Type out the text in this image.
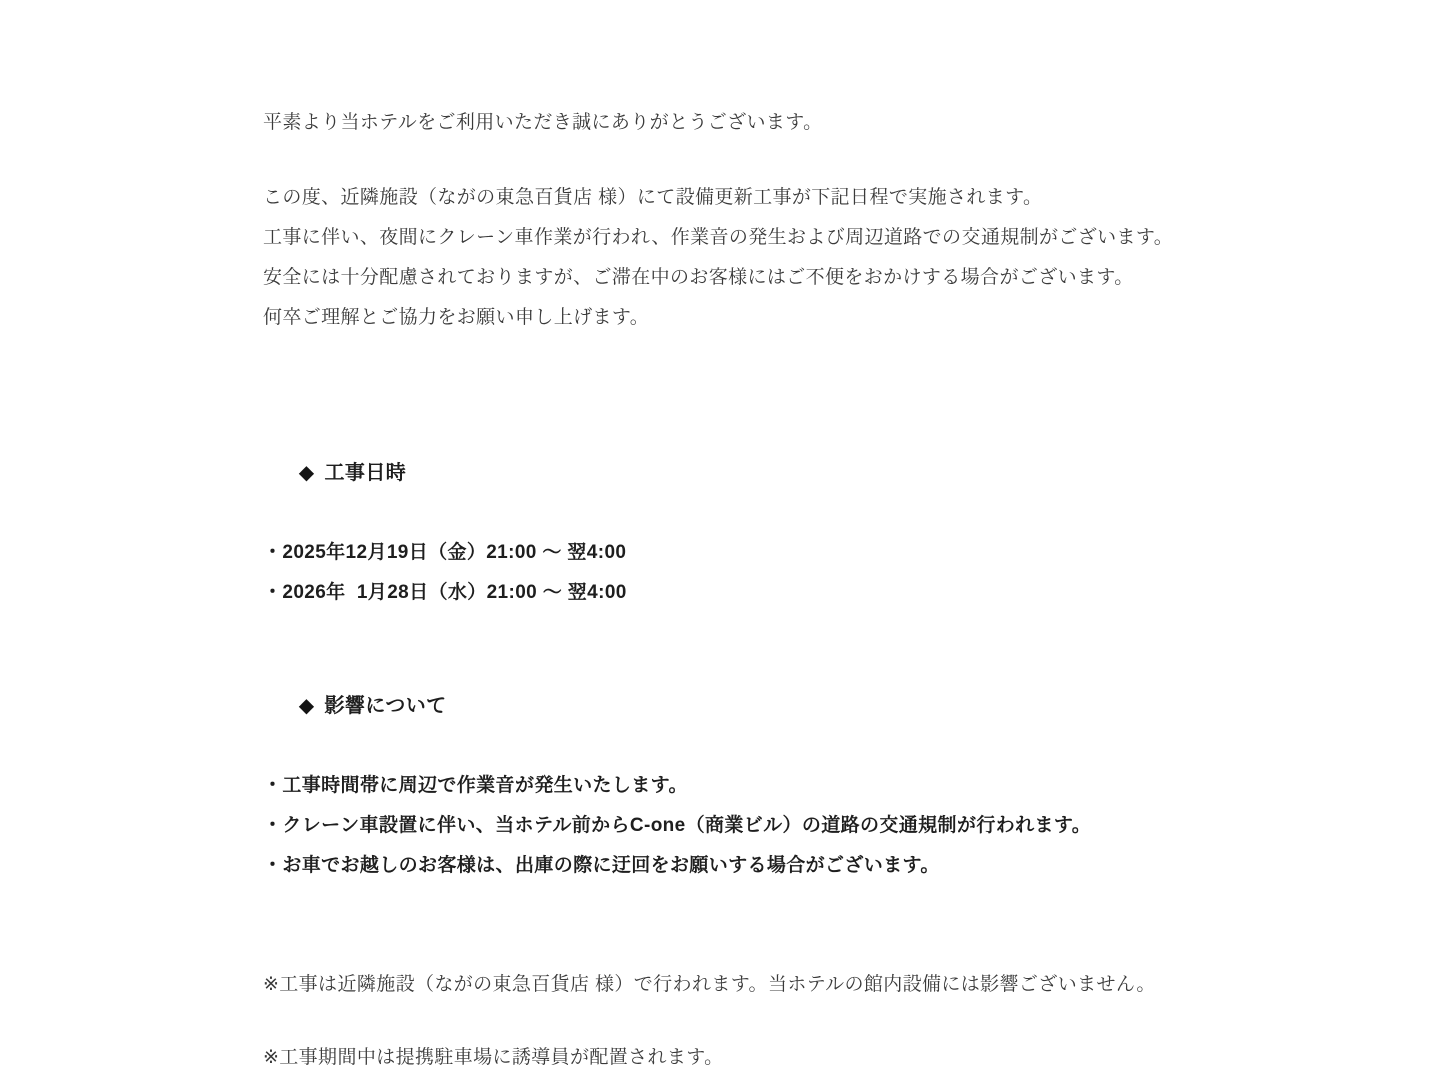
平素より当ホテルをご利用いただき誠にありがとうございます。

この度、近隣施設（ながの東急百貨店 様）にて設備更新工事が下記日程で実施されます。

工事に伴い、夜間にクレーン車作業が行われ、作業音の発生および周辺道路での交通規制がございます。

安全には十分配慮されておりますが、ご滞在中のお客様にはご不便をおかけする場合がございます。

何卒ご理解とご協力をお願い申し上げます。

◆ 工事日時

・2025年12月19日（金）21:00 ～ 翌4:00

・2026年  1月28日（水）21:00 ～ 翌4:00

◆ 影響について

・工事時間帯に周辺で作業音が発生いたします。

・クレーン車設置に伴い、当ホテル前からC-one（商業ビル）の道路の交通規制が行われます。

・お車でお越しのお客様は、出庫の際に迂回をお願いする場合がございます。

※工事は近隣施設（ながの東急百貨店 様）で行われます。当ホテルの館内設備には影響ございません。

※工事期間中は提携駐車場に誘導員が配置されます。
